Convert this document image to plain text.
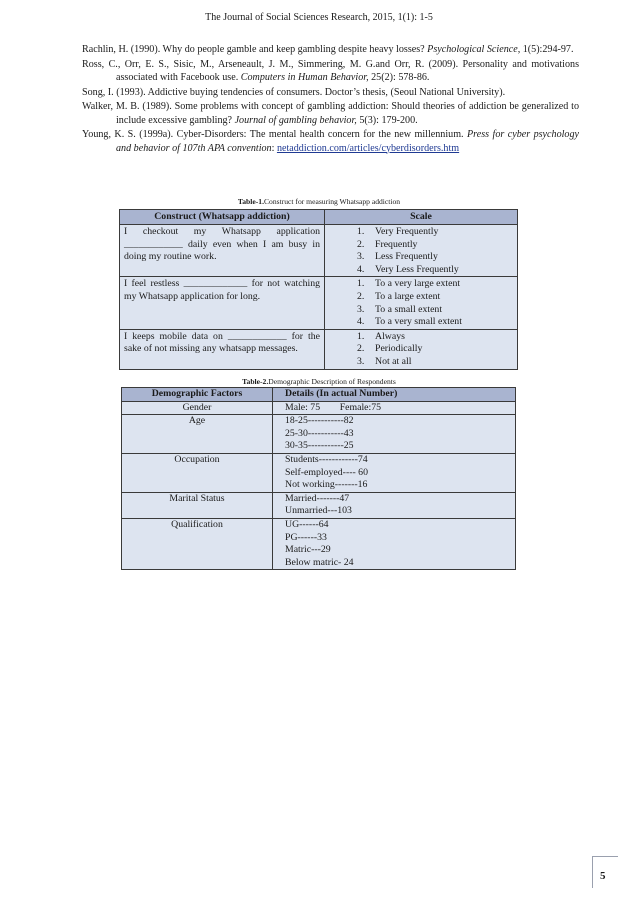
The Journal of Social Sciences Research, 2015, 1(1): 1-5

Rachlin, H. (1990). Why do people gamble and keep gambling despite heavy losses? Psychological Science, 1(5):294-97.

Ross, C., Orr, E. S., Sisic, M., Arseneault, J. M., Simmering, M. G.and Orr, R. (2009). Personality and motivations associated with Facebook use. Computers in Human Behavior, 25(2): 578-86.

Song, I. (1993). Addictive buying tendencies of consumers. Doctor’s thesis, (Seoul National University).

Walker, M. B. (1989). Some problems with concept of gambling addiction: Should theories of addiction be generalized to include excessive gambling? Journal of gambling behavior, 5(3): 179-200.

Young, K. S. (1999a). Cyber-Disorders: The mental health concern for the new millennium. Press for cyber psychology and behavior of 107th APA convention: netaddiction.com/articles/cyberdisorders.htm

Table-1.Construct for measuring Whatsapp addiction
Construct (Whatsapp addiction)	Scale
I checkout my Whatsapp application ____________ daily even when I am busy in doing my routine work.	1. Very Frequently
2. Frequently
3. Less Frequently
4. Very Less Frequently

I feel restless _____________ for not watching my Whatsapp application for long.	1. To a very large extent
2. To a large extent
3. To a small extent
4. To a very small extent

I keeps mobile data on ____________ for the sake of not missing any whatsapp messages.	1. Always
2. Periodically
3. Not at all
Table-2.Demographic Description of Respondents
Demographic Factors	Details (In actual Number)
Gender	Male: 75        Female:75

Age	18-25-----------82
25-30-----------43
30-35-----------25

Occupation	Students------------74
Self-employed---- 60
Not working-------16

Marital Status	Married-------47
Unmarried---103

Qualification	UG------64
PG------33
Matric---29
Below matric- 24
5
